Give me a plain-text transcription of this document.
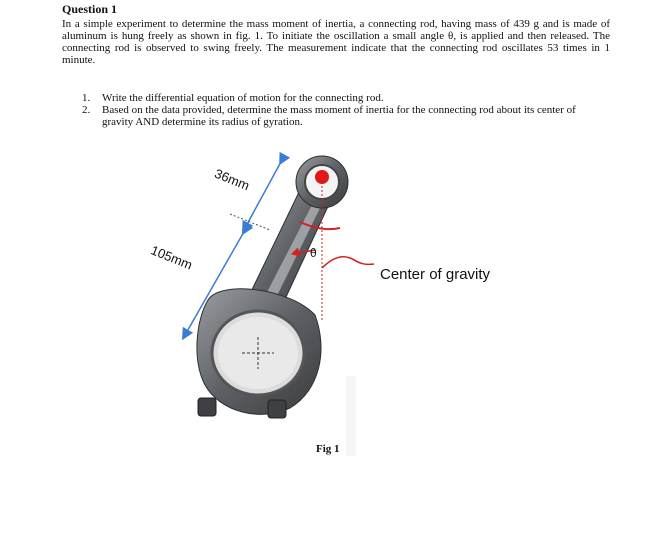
Question 1
In a simple experiment to determine the mass moment of inertia, a connecting rod, having mass of 439 g and is made of aluminum is hung freely as shown in fig. 1. To initiate the oscillation a small angle θ, is applied and then released. The connecting rod is observed to swing freely. The measurement indicate that the connecting rod oscillates 53 times in 1 minute.
1. Write the differential equation of motion for the connecting rod.
2. Based on the data provided, determine the mass moment of inertia for the connecting rod about its center of gravity AND determine its radius of gyration.
36mm
105mm	θ
Center of gravity
Fig 1
